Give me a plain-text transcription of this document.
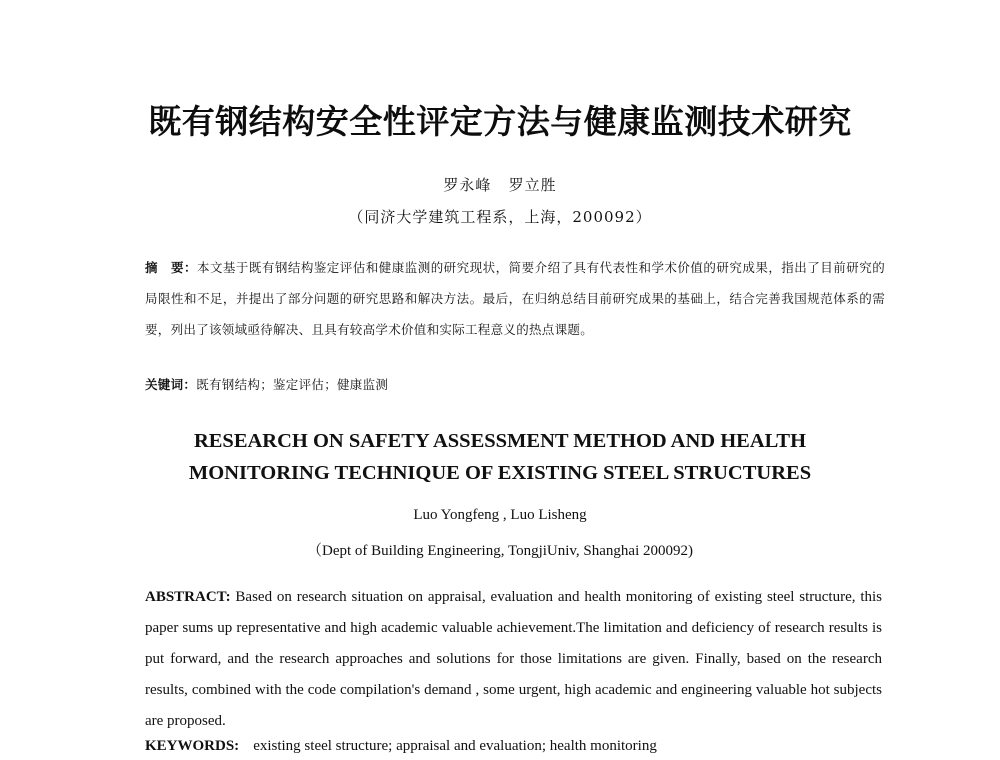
既有钢结构安全性评定方法与健康监测技术研究
罗永峰   罗立胜
（同济大学建筑工程系，上海，200092）
摘　要：本文基于既有钢结构鉴定评估和健康监测的研究现状，简要介绍了具有代表性和学术价值的研究成果，指出了目前研究的局限性和不足，并提出了部分问题的研究思路和解决方法。最后，在归纳总结目前研究成果的基础上，结合完善我国规范体系的需要，列出了该领域亟待解决、且具有较高学术价值和实际工程意义的热点课题。
关键词：既有钢结构；鉴定评估；健康监测
RESEARCH ON SAFETY ASSESSMENT METHOD AND HEALTH
MONITORING TECHNIQUE OF EXISTING STEEL STRUCTURES
Luo Yongfeng , Luo Lisheng
（Dept of Building Engineering, TongjiUniv, Shanghai 200092)
ABSTRACT: Based on research situation on appraisal, evaluation and health monitoring of existing steel structure, this paper sums up representative and high academic valuable achievement.The limitation and deficiency of research results is put forward, and the research approaches and solutions for those limitations are given. Finally, based on the research results, combined with the code compilation's demand , some urgent, high academic and engineering valuable hot subjects are proposed.
KEYWORDS: existing steel structure; appraisal and evaluation; health monitoring
